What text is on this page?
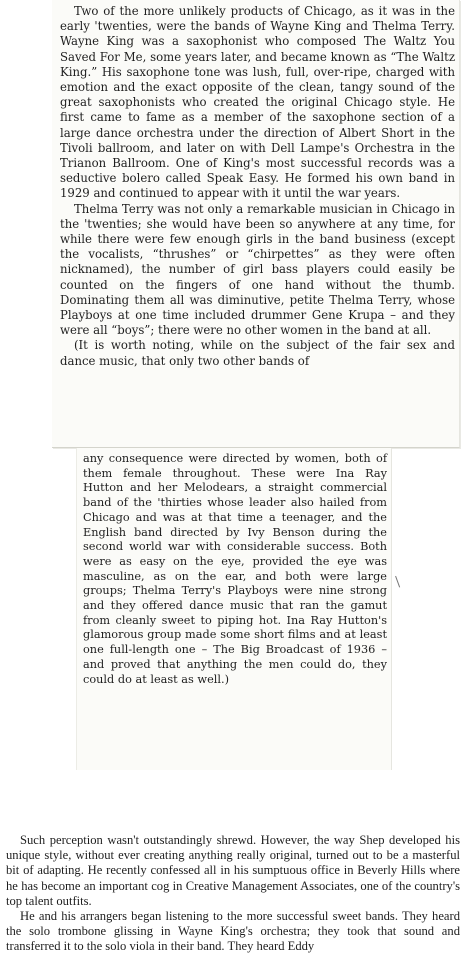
Two of the more unlikely products of Chicago, as it was in the early 'twenties, were the bands of Wayne King and Thelma Terry. Wayne King was a saxophonist who composed The Waltz You Saved For Me, some years later, and became known as “The Waltz King.” His saxophone tone was lush, full, over-ripe, charged with emotion and the exact opposite of the clean, tangy sound of the great saxophonists who created the original Chicago style. He first came to fame as a member of the saxophone section of a large dance orchestra under the direction of Albert Short in the Tivoli ballroom, and later on with Dell Lampe's Orchestra in the Trianon Ballroom. One of King's most successful records was a seductive bolero called Speak Easy. He formed his own band in 1929 and continued to appear with it until the war years.

Thelma Terry was not only a remarkable musician in Chicago in the 'twenties; she would have been so anywhere at any time, for while there were few enough girls in the band business (except the vocalists, “thrushes” or “chirpettes” as they were often nicknamed), the number of girl bass players could easily be counted on the fingers of one hand without the thumb. Dominating them all was diminutive, petite Thelma Terry, whose Playboys at one time included drummer Gene Krupa – and they were all “boys”; there were no other women in the band at all.

(It is worth noting, while on the subject of the fair sex and dance music, that only two other bands of

any consequence were directed by women, both of them female throughout. These were Ina Ray Hutton and her Melodears, a straight commercial band of the 'thirties whose leader also hailed from Chicago and was at that time a teenager, and the English band directed by Ivy Benson during the second world war with considerable success. Both were as easy on the eye, provided the eye was masculine, as on the ear, and both were large groups; Thelma Terry's Playboys were nine strong and they offered dance music that ran the gamut from cleanly sweet to piping hot. Ina Ray Hutton's glamorous group made some short films and at least one full-length one – The Big Broadcast of 1936 – and proved that anything the men could do, they could do at least as well.)

Such perception wasn't outstandingly shrewd. However, the way Shep developed his unique style, without ever creating anything really original, turned out to be a masterful bit of adapting. He recently confessed all in his sumptuous office in Beverly Hills where he has become an important cog in Creative Management Associates, one of the country's top talent outfits.

He and his arrangers began listening to the more successful sweet bands. They heard the solo trombone glissing in Wayne King's orchestra; they took that sound and transferred it to the solo viola in their band. They heard Eddy
